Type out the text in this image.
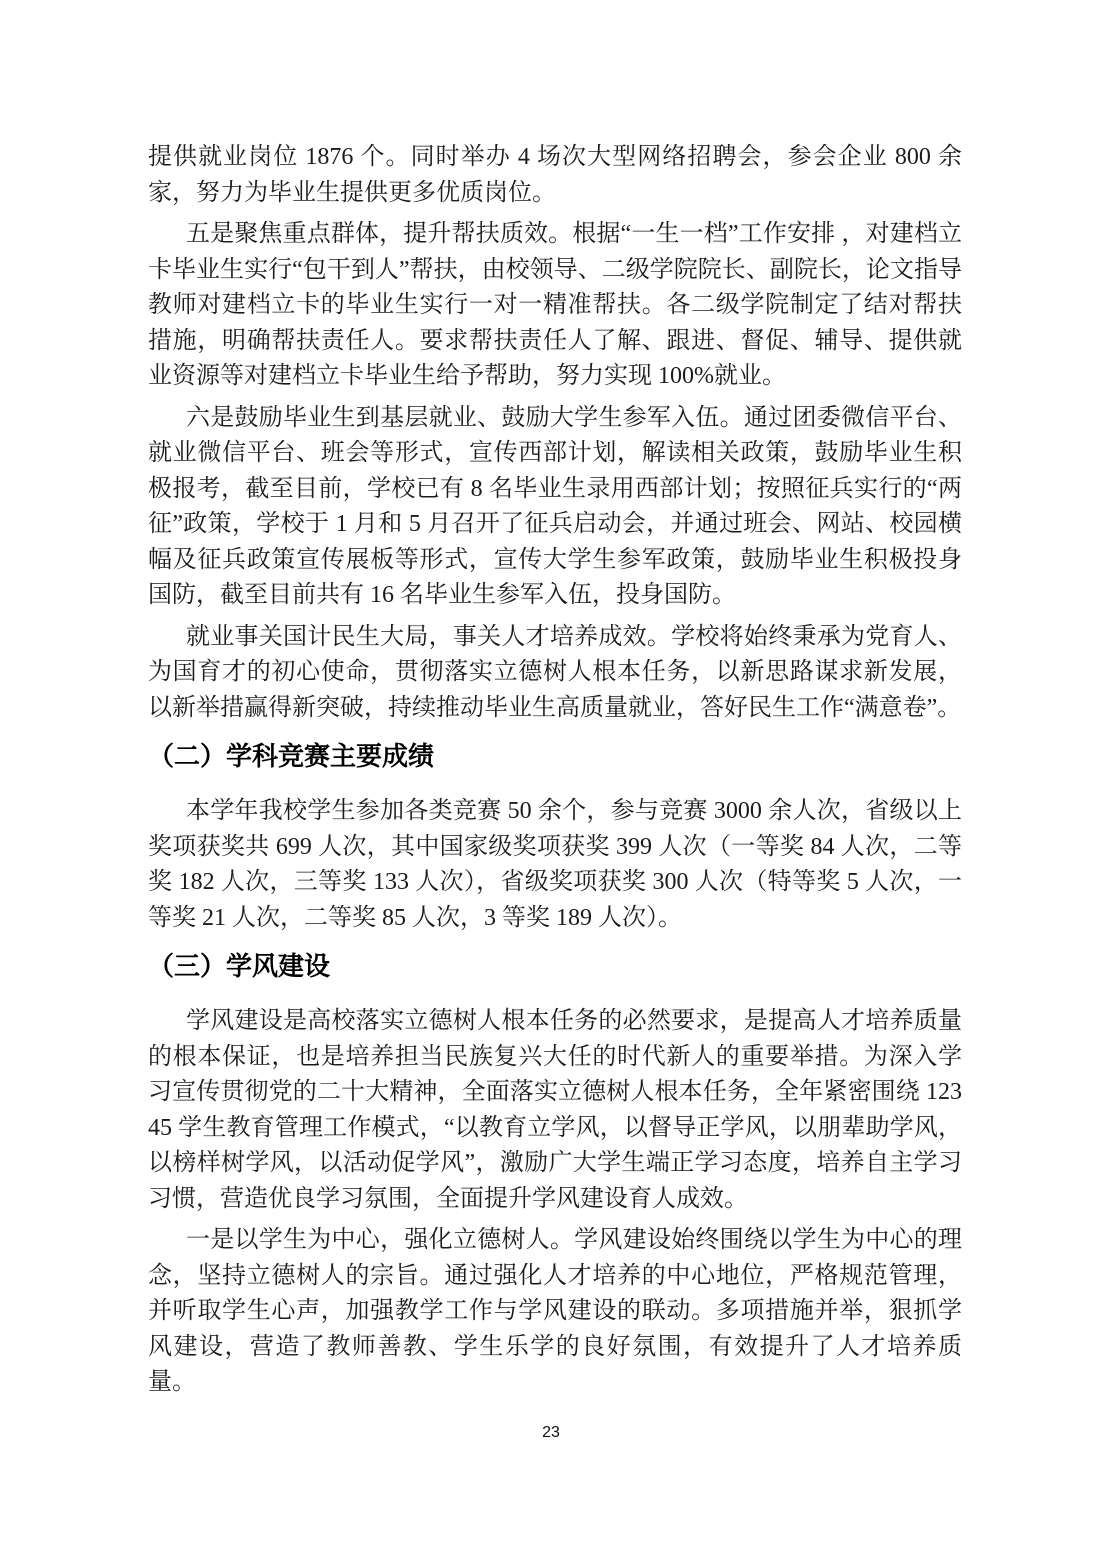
提供就业岗位 1876 个。同时举办 4 场次大型网络招聘会，参会企业 800 余家，努力为毕业生提供更多优质岗位。

五是聚焦重点群体，提升帮扶质效。根据“一生一档”工作安排 ，对建档立卡毕业生实行“包干到人”帮扶，由校领导、二级学院院长、副院长，论文指导教师对建档立卡的毕业生实行一对一精准帮扶。各二级学院制定了结对帮扶措施，明确帮扶责任人。要求帮扶责任人了解、跟进、督促、辅导、提供就业资源等对建档立卡毕业生给予帮助，努力实现 100%就业。

六是鼓励毕业生到基层就业、鼓励大学生参军入伍。通过团委微信平台、就业微信平台、班会等形式，宣传西部计划，解读相关政策，鼓励毕业生积极报考，截至目前，学校已有 8 名毕业生录用西部计划；按照征兵实行的“两征”政策，学校于 1 月和 5 月召开了征兵启动会，并通过班会、网站、校园横幅及征兵政策宣传展板等形式，宣传大学生参军政策，鼓励毕业生积极投身国防，截至目前共有 16 名毕业生参军入伍，投身国防。

就业事关国计民生大局，事关人才培养成效。学校将始终秉承为党育人、为国育才的初心使命，贯彻落实立德树人根本任务，以新思路谋求新发展，以新举措赢得新突破，持续推动毕业生高质量就业，答好民生工作“满意卷”。

（二）学科竞赛主要成绩

本学年我校学生参加各类竞赛 50 余个，参与竞赛 3000 余人次，省级以上奖项获奖共 699 人次，其中国家级奖项获奖 399 人次（一等奖 84 人次，二等奖 182 人次，三等奖 133 人次），省级奖项获奖 300 人次（特等奖 5 人次，一等奖 21 人次，二等奖 85 人次，3 等奖 189 人次）。

（三）学风建设

学风建设是高校落实立德树人根本任务的必然要求，是提高人才培养质量的根本保证，也是培养担当民族复兴大任的时代新人的重要举措。为深入学习宣传贯彻党的二十大精神，全面落实立德树人根本任务，全年紧密围绕 12345 学生教育管理工作模式，“以教育立学风，以督导正学风，以朋辈助学风，以榜样树学风，以活动促学风”，激励广大学生端正学习态度，培养自主学习习惯，营造优良学习氛围，全面提升学风建设育人成效。

一是以学生为中心，强化立德树人。学风建设始终围绕以学生为中心的理念，坚持立德树人的宗旨。通过强化人才培养的中心地位，严格规范管理，并听取学生心声，加强教学工作与学风建设的联动。多项措施并举，狠抓学风建设，营造了教师善教、学生乐学的良好氛围，有效提升了人才培养质量。

23
